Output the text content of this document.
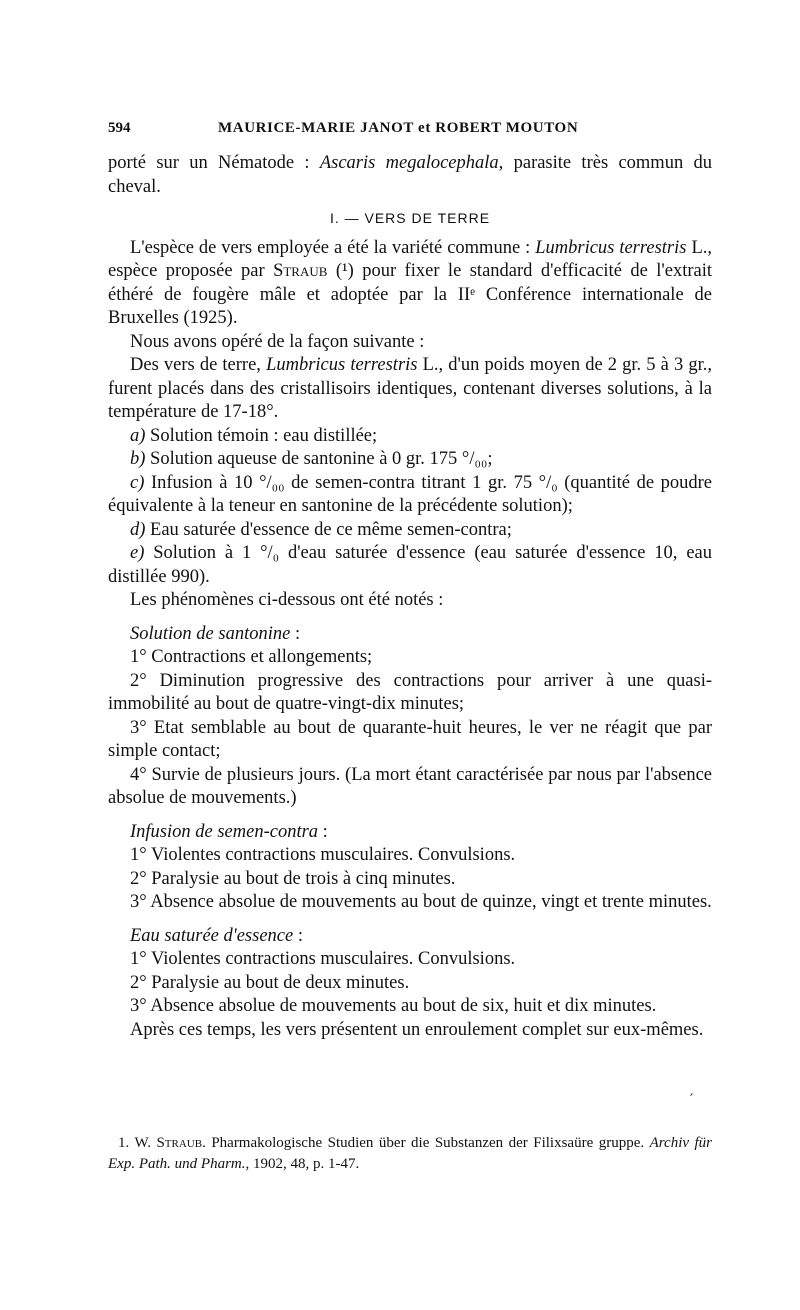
594	MAURICE-MARIE JANOT et ROBERT MOUTON

porté sur un Nématode : Ascaris megalocephala, parasite très commun du cheval.

I. — VERS DE TERRE

L'espèce de vers employée a été la variété commune : Lumbricus terrestris L., espèce proposée par Straub (¹) pour fixer le standard d'efficacité de l'extrait éthéré de fougère mâle et adoptée par la IIᵉ Conférence internationale de Bruxelles (1925).

Nous avons opéré de la façon suivante :

Des vers de terre, Lumbricus terrestris L., d'un poids moyen de 2 gr. 5 à 3 gr., furent placés dans des cristallisoirs identiques, contenant diverses solutions, à la température de 17-18°.

a) Solution témoin : eau distillée;

b) Solution aqueuse de santonine à 0 gr. 175 °/₀₀;

c) Infusion à 10 °/₀₀ de semen-contra titrant 1 gr. 75 °/₀ (quantité de poudre équivalente à la teneur en santonine de la précédente solution);

d) Eau saturée d'essence de ce même semen-contra;

e) Solution à 1 °/₀ d'eau saturée d'essence (eau saturée d'essence 10, eau distillée 990).

Les phénomènes ci-dessous ont été notés :

Solution de santonine :

1° Contractions et allongements;

2° Diminution progressive des contractions pour arriver à une quasi-immobilité au bout de quatre-vingt-dix minutes;

3° Etat semblable au bout de quarante-huit heures, le ver ne réagit que par simple contact;

4° Survie de plusieurs jours. (La mort étant caractérisée par nous par l'absence absolue de mouvements.)

Infusion de semen-contra :

1° Violentes contractions musculaires. Convulsions.

2° Paralysie au bout de trois à cinq minutes.

3° Absence absolue de mouvements au bout de quinze, vingt et trente minutes.

Eau saturée d'essence :

1° Violentes contractions musculaires. Convulsions.

2° Paralysie au bout de deux minutes.

3° Absence absolue de mouvements au bout de six, huit et dix minutes.

Après ces temps, les vers présentent un enroulement complet sur eux-mêmes.

′

1. W. Straub. Pharmakologische Studien über die Substanzen der Filixsaüre gruppe. Archiv für Exp. Path. und Pharm., 1902, 48, p. 1-47.
